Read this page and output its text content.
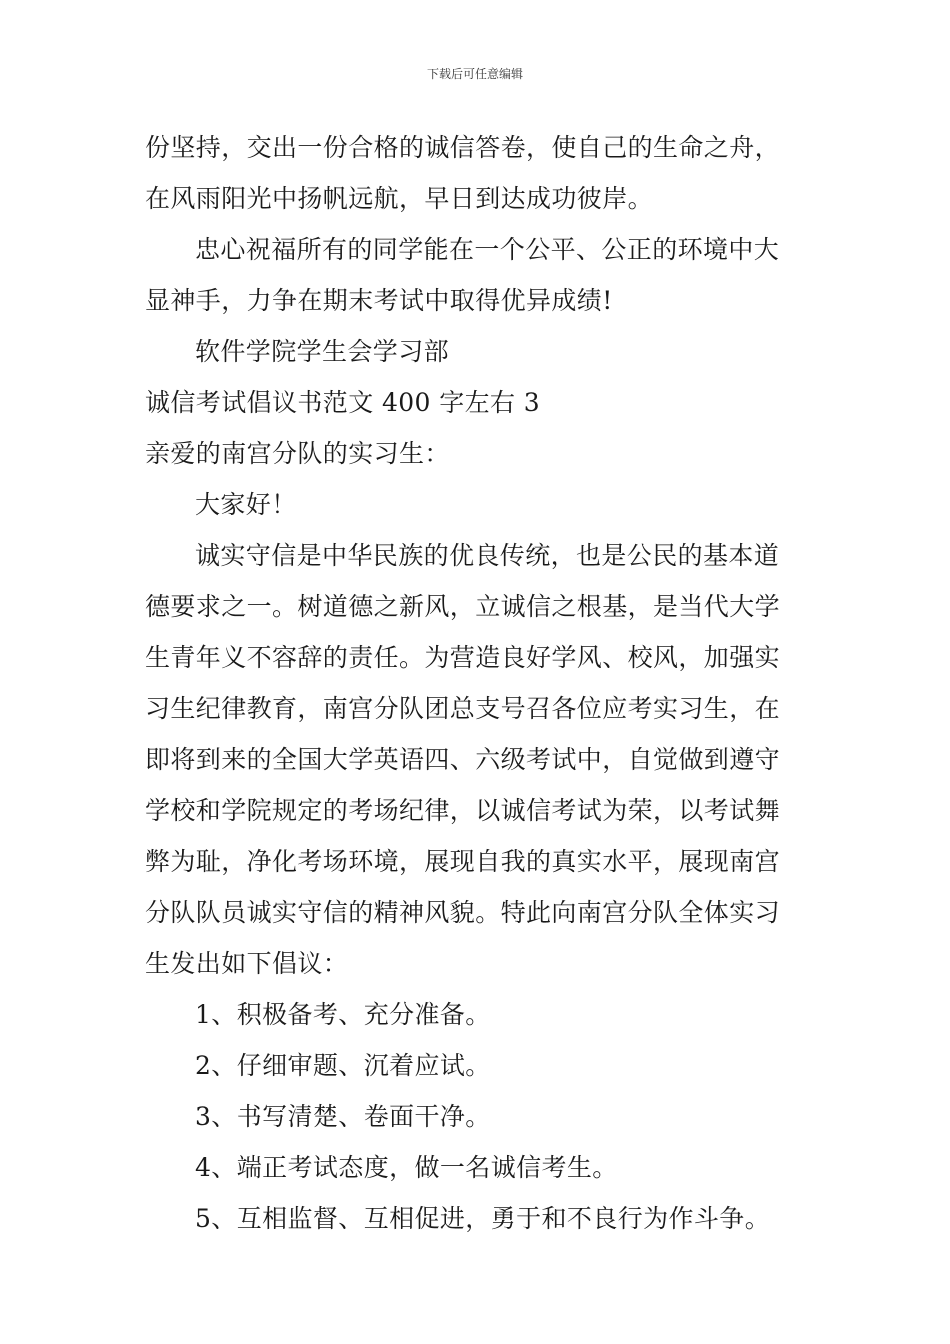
下载后可任意编辑
份坚持，交出一份合格的诚信答卷，使自己的生命之舟，
在风雨阳光中扬帆远航，早日到达成功彼岸。
忠心祝福所有的同学能在一个公平、公正的环境中大
显神手，力争在期末考试中取得优异成绩!
软件学院学生会学习部
诚信考试倡议书范文 400 字左右 3
亲爱的南宫分队的实习生：
大家好！
诚实守信是中华民族的优良传统，也是公民的基本道
德要求之一。树道德之新风，立诚信之根基，是当代大学
生青年义不容辞的责任。为营造良好学风、校风，加强实
习生纪律教育，南宫分队团总支号召各位应考实习生，在
即将到来的全国大学英语四、六级考试中，自觉做到遵守
学校和学院规定的考场纪律，以诚信考试为荣，以考试舞
弊为耻，净化考场环境，展现自我的真实水平，展现南宫
分队队员诚实守信的精神风貌。特此向南宫分队全体实习
生发出如下倡议：
1、积极备考、充分准备。
2、仔细审题、沉着应试。
3、书写清楚、卷面干净。
4、端正考试态度，做一名诚信考生。
5、互相监督、互相促进，勇于和不良行为作斗争。
